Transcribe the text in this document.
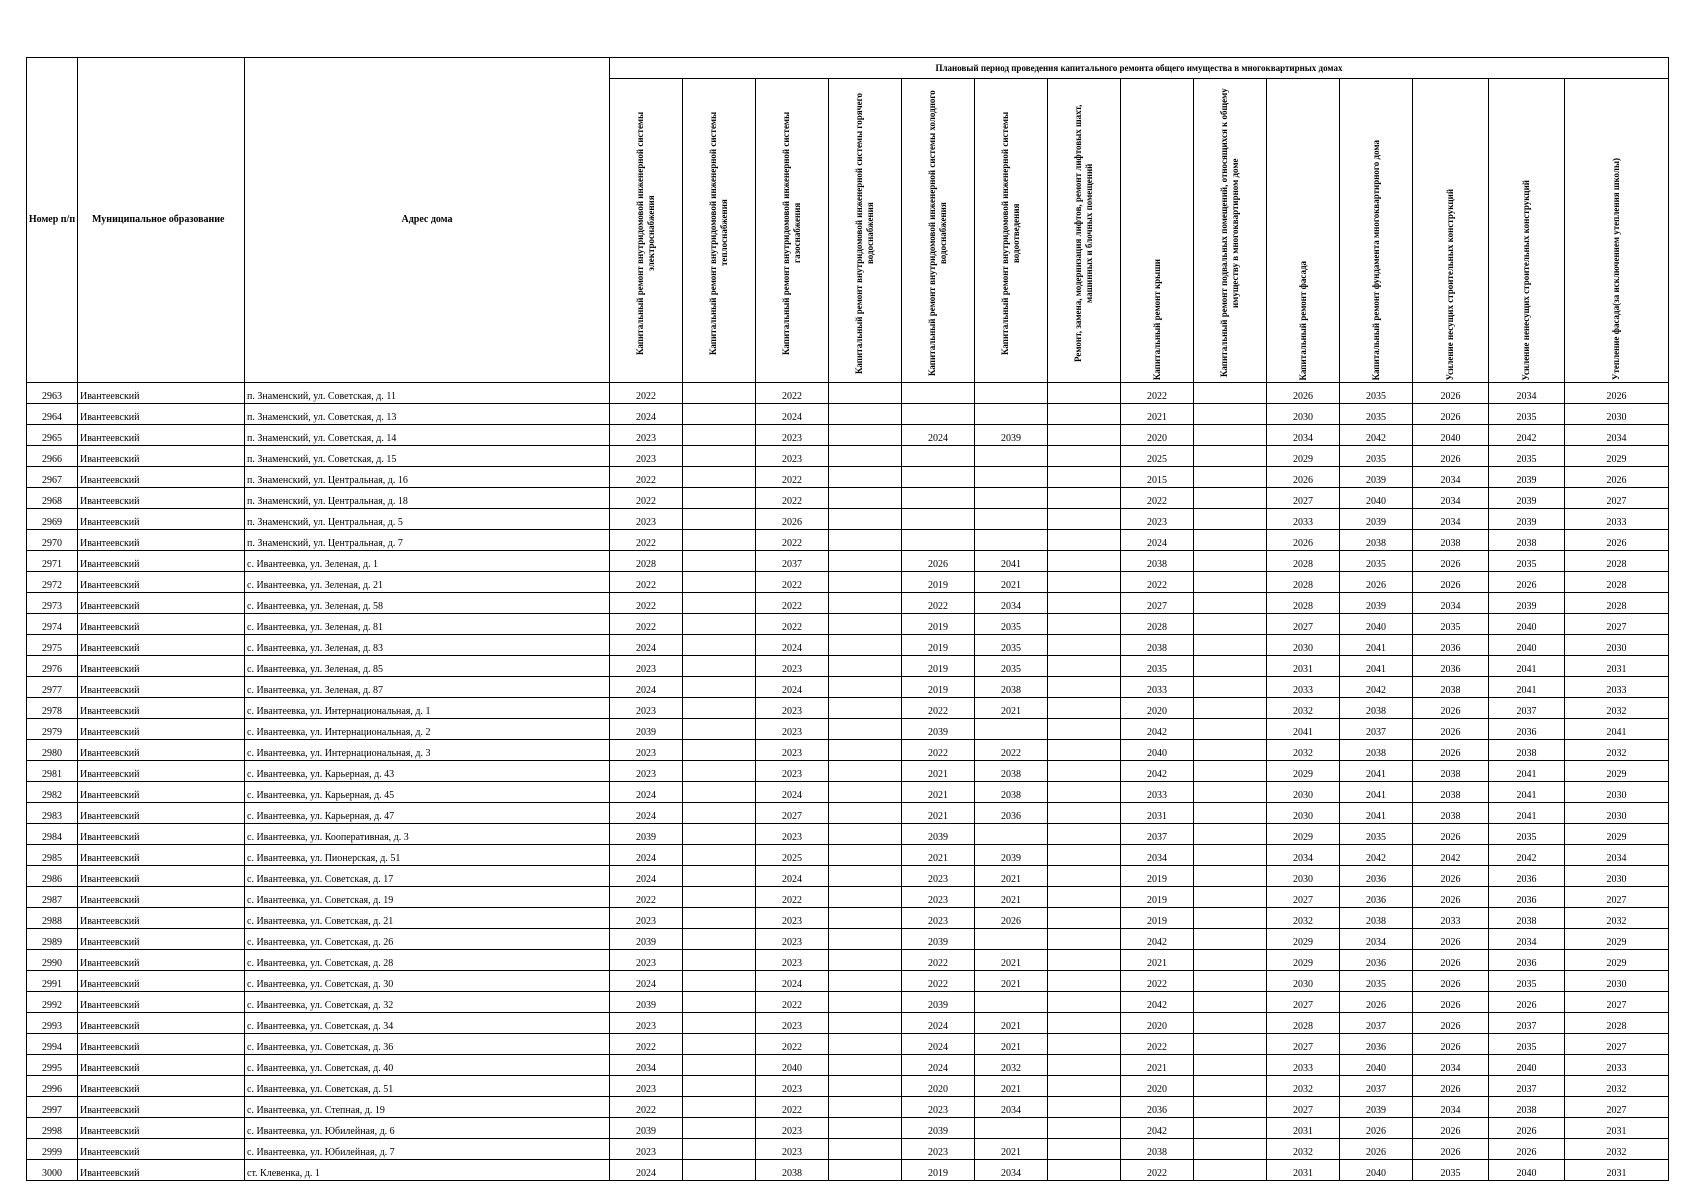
Номер п/п	Муниципальное образование	Адрес дома	Плановый период проведения капитального ремонта общего имущества в многоквартирных домах													

			Капитальный ремонт внутридомовой инженерной системы электроснабжения	Капитальный ремонт внутридомовой инженерной системы теплоснабжения	Капитальный ремонт внутридомовой инженерной системы газоснабжения	Капитальный ремонт внутридомовой инженерной системы горячего водоснабжения	Капитальный ремонт внутридомовой инженерной системы холодного водоснабжения	Капитальный ремонт внутридомовой инженерной системы водоотведения	Ремонт, замена, модернизация лифтов, ремонт лифтовых шахт, машинных и блочных помещений	Капитальный ремонт крыши	Капитальный ремонт подвальных помещений, относящихся к общему имуществу в многоквартирном доме	Капитальный ремонт фасада	Капитальный ремонт фундамента многоквартирного дома	Усиление несущих строительных конструкций	Усиление ненесущих строительных конструкций	Утепление фасада(за исключением утепления школы)

2963	Ивантеевский	п. Знаменский, ул. Советская, д. 11	2022		2022					2022		2026	2035	2026	2034	2026
2964	Ивантеевский	п. Знаменский, ул. Советская, д. 13	2024		2024					2021		2030	2035	2026	2035	2030
2965	Ивантеевский	п. Знаменский, ул. Советская, д. 14	2023		2023		2024	2039		2020		2034	2042	2040	2042	2034
2966	Ивантеевский	п. Знаменский, ул. Советская, д. 15	2023		2023					2025		2029	2035	2026	2035	2029
2967	Ивантеевский	п. Знаменский, ул. Центральная, д. 16	2022		2022					2015		2026	2039	2034	2039	2026
2968	Ивантеевский	п. Знаменский, ул. Центральная, д. 18	2022		2022					2022		2027	2040	2034	2039	2027
2969	Ивантеевский	п. Знаменский, ул. Центральная, д. 5	2023		2026					2023		2033	2039	2034	2039	2033
2970	Ивантеевский	п. Знаменский, ул. Центральная, д. 7	2022		2022					2024		2026	2038	2038	2038	2026
2971	Ивантеевский	с. Ивантеевка, ул. Зеленая, д. 1	2028		2037		2026	2041		2038		2028	2035	2026	2035	2028
2972	Ивантеевский	с. Ивантеевка, ул. Зеленая, д. 21	2022		2022		2019	2021		2022		2028	2026	2026	2026	2028
2973	Ивантеевский	с. Ивантеевка, ул. Зеленая, д. 58	2022		2022		2022	2034		2027		2028	2039	2034	2039	2028
2974	Ивантеевский	с. Ивантеевка, ул. Зеленая, д. 81	2022		2022		2019	2035		2028		2027	2040	2035	2040	2027
2975	Ивантеевский	с. Ивантеевка, ул. Зеленая, д. 83	2024		2024		2019	2035		2038		2030	2041	2036	2040	2030
2976	Ивантеевский	с. Ивантеевка, ул. Зеленая, д. 85	2023		2023		2019	2035		2035		2031	2041	2036	2041	2031
2977	Ивантеевский	с. Ивантеевка, ул. Зеленая, д. 87	2024		2024		2019	2038		2033		2033	2042	2038	2041	2033
2978	Ивантеевский	с. Ивантеевка, ул. Интернациональная, д. 1	2023		2023		2022	2021		2020		2032	2038	2026	2037	2032
2979	Ивантеевский	с. Ивантеевка, ул. Интернациональная, д. 2	2039		2023		2039			2042		2041	2037	2026	2036	2041
2980	Ивантеевский	с. Ивантеевка, ул. Интернациональная, д. 3	2023		2023		2022	2022		2040		2032	2038	2026	2038	2032
2981	Ивантеевский	с. Ивантеевка, ул. Карьерная, д. 43	2023		2023		2021	2038		2042		2029	2041	2038	2041	2029
2982	Ивантеевский	с. Ивантеевка, ул. Карьерная, д. 45	2024		2024		2021	2038		2033		2030	2041	2038	2041	2030
2983	Ивантеевский	с. Ивантеевка, ул. Карьерная, д. 47	2024		2027		2021	2036		2031		2030	2041	2038	2041	2030
2984	Ивантеевский	с. Ивантеевка, ул. Кооперативная, д. 3	2039		2023		2039			2037		2029	2035	2026	2035	2029
2985	Ивантеевский	с. Ивантеевка, ул. Пионерская, д. 51	2024		2025		2021	2039		2034		2034	2042	2042	2042	2034
2986	Ивантеевский	с. Ивантеевка, ул. Советская, д. 17	2024		2024		2023	2021		2019		2030	2036	2026	2036	2030
2987	Ивантеевский	с. Ивантеевка, ул. Советская, д. 19	2022		2022		2023	2021		2019		2027	2036	2026	2036	2027
2988	Ивантеевский	с. Ивантеевка, ул. Советская, д. 21	2023		2023		2023	2026		2019		2032	2038	2033	2038	2032
2989	Ивантеевский	с. Ивантеевка, ул. Советская, д. 26	2039		2023		2039			2042		2029	2034	2026	2034	2029
2990	Ивантеевский	с. Ивантеевка, ул. Советская, д. 28	2023		2023		2022	2021		2021		2029	2036	2026	2036	2029
2991	Ивантеевский	с. Ивантеевка, ул. Советская, д. 30	2024		2024		2022	2021		2022		2030	2035	2026	2035	2030
2992	Ивантеевский	с. Ивантеевка, ул. Советская, д. 32	2039		2022		2039			2042		2027	2026	2026	2026	2027
2993	Ивантеевский	с. Ивантеевка, ул. Советская, д. 34	2023		2023		2024	2021		2020		2028	2037	2026	2037	2028
2994	Ивантеевский	с. Ивантеевка, ул. Советская, д. 36	2022		2022		2024	2021		2022		2027	2036	2026	2035	2027
2995	Ивантеевский	с. Ивантеевка, ул. Советская, д. 40	2034		2040		2024	2032		2021		2033	2040	2034	2040	2033
2996	Ивантеевский	с. Ивантеевка, ул. Советская, д. 51	2023		2023		2020	2021		2020		2032	2037	2026	2037	2032
2997	Ивантеевский	с. Ивантеевка, ул. Степная, д. 19	2022		2022		2023	2034		2036		2027	2039	2034	2038	2027
2998	Ивантеевский	с. Ивантеевка, ул. Юбилейная, д. 6	2039		2023		2039			2042		2031	2026	2026	2026	2031
2999	Ивантеевский	с. Ивантеевка, ул. Юбилейная, д. 7	2023		2023		2023	2021		2038		2032	2026	2026	2026	2032
3000	Ивантеевский	ст. Клевенка, д. 1	2024		2038		2019	2034		2022		2031	2040	2035	2040	2031
